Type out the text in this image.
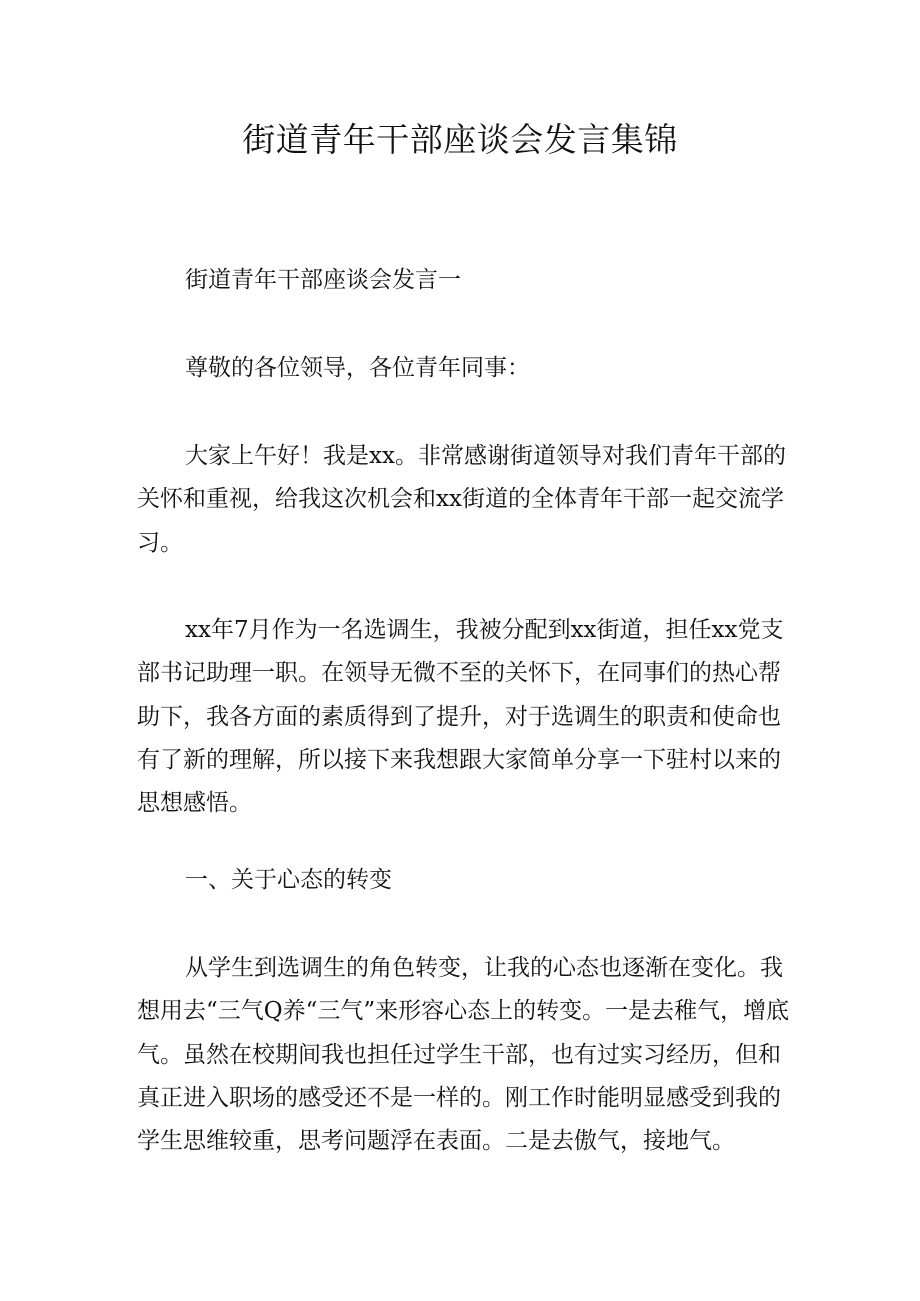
街道青年干部座谈会发言集锦

街道青年干部座谈会发言一

尊敬的各位领导，各位青年同事：

大家上午好！我是xx。非常感谢街道领导对我们青年干部的关怀和重视，给我这次机会和xx街道的全体青年干部一起交流学习。

xx年7月作为一名选调生，我被分配到xx街道，担任xx党支部书记助理一职。在领导无微不至的关怀下，在同事们的热心帮助下，我各方面的素质得到了提升，对于选调生的职责和使命也有了新的理解，所以接下来我想跟大家简单分享一下驻村以来的思想感悟。

一、关于心态的转变

从学生到选调生的角色转变，让我的心态也逐渐在变化。我想用去“三气Q养“三气”来形容心态上的转变。一是去稚气，增底气。虽然在校期间我也担任过学生干部，也有过实习经历，但和真正进入职场的感受还不是一样的。刚工作时能明显感受到我的学生思维较重，思考问题浮在表面。二是去傲气，接地气。
